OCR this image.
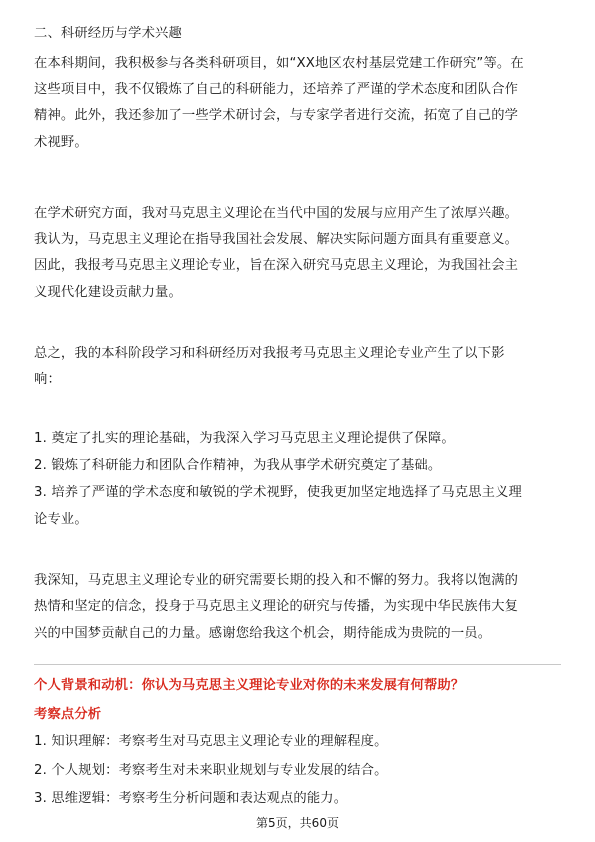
二、科研经历与学术兴趣
在本科期间，我积极参与各类科研项目，如“XX地区农村基层党建工作研究”等。在
这些项目中，我不仅锻炼了自己的科研能力，还培养了严谨的学术态度和团队合作
精神。此外，我还参加了一些学术研讨会，与专家学者进行交流，拓宽了自己的学
术视野。
在学术研究方面，我对马克思主义理论在当代中国的发展与应用产生了浓厚兴趣。
我认为，马克思主义理论在指导我国社会发展、解决实际问题方面具有重要意义。
因此，我报考马克思主义理论专业，旨在深入研究马克思主义理论，为我国社会主
义现代化建设贡献力量。
总之，我的本科阶段学习和科研经历对我报考马克思主义理论专业产生了以下影
响：
1. 奠定了扎实的理论基础，为我深入学习马克思主义理论提供了保障。
2. 锻炼了科研能力和团队合作精神，为我从事学术研究奠定了基础。
3. 培养了严谨的学术态度和敏锐的学术视野，使我更加坚定地选择了马克思主义理
论专业。
我深知，马克思主义理论专业的研究需要长期的投入和不懈的努力。我将以饱满的
热情和坚定的信念，投身于马克思主义理论的研究与传播，为实现中华民族伟大复
兴的中国梦贡献自己的力量。感谢您给我这个机会，期待能成为贵院的一员。
个人背景和动机：你认为马克思主义理论专业对你的未来发展有何帮助？
考察点分析
1. 知识理解：考察考生对马克思主义理论专业的理解程度。
2. 个人规划：考察考生对未来职业规划与专业发展的结合。
3. 思维逻辑：考察考生分析问题和表达观点的能力。
第5页，共60页
